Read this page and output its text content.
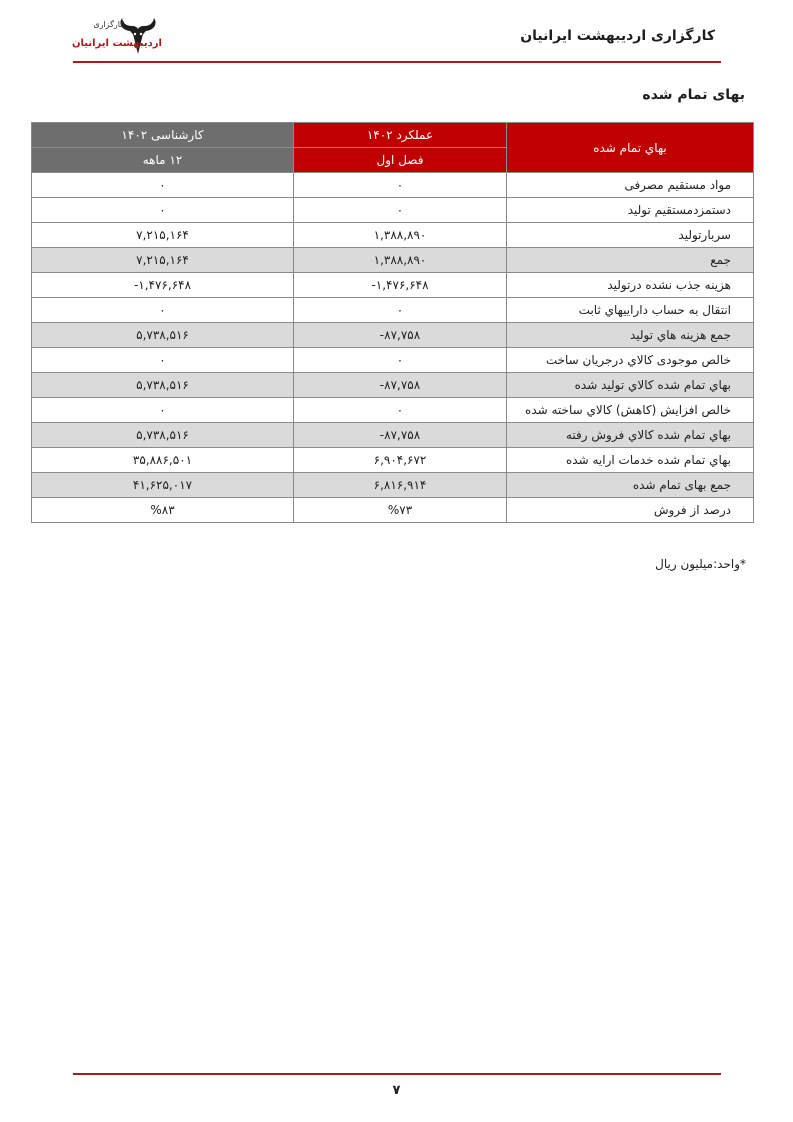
کارگزاری
اردیبهشت ایرانیان	کارگزاری اردیبهشت ایرانیان
بهای تمام شده
بهاي تمام شده	عملكرد ۱۴۰۲	کارشناسی ۱۴۰۲
	فصل اول	۱۲ ماهه
مواد مستقیم مصرفی	۰	۰
دستمزدمستقیم تولید	۰	۰
سربارتولید	۱,۳۸۸,۸۹۰	۷,۲۱۵,۱۶۴
جمع	۱,۳۸۸,۸۹۰	۷,۲۱۵,۱۶۴
هزینه جذب نشده درتولید	۱,۴۷۶,۶۴۸-	۱,۴۷۶,۶۴۸-
انتقال به حساب داراییهاي ثابت	۰	۰
جمع هزینه هاي تولید	۸۷,۷۵۸-	۵,۷۳۸,۵۱۶
خالص موجودی كالاي درجريان ساخت	۰	۰
بهاي تمام شده كالاي تولید شده	۸۷,۷۵۸-	۵,۷۳۸,۵۱۶
خالص افزايش (كاهش) كالاي ساخته شده	۰	۰
بهاي تمام شده كالاي فروش رفته	۸۷,۷۵۸-	۵,۷۳۸,۵۱۶
بهاي تمام شده خدمات ارايه شده	۶,۹۰۴,۶۷۲	۳۵,۸۸۶,۵۰۱
جمع بهای تمام شده	۶,۸۱۶,۹۱۴	۴۱,۶۲۵,۰۱۷
درصد از فروش	%۷۳	%۸۳
*واحد:میلیون ریال
۷
